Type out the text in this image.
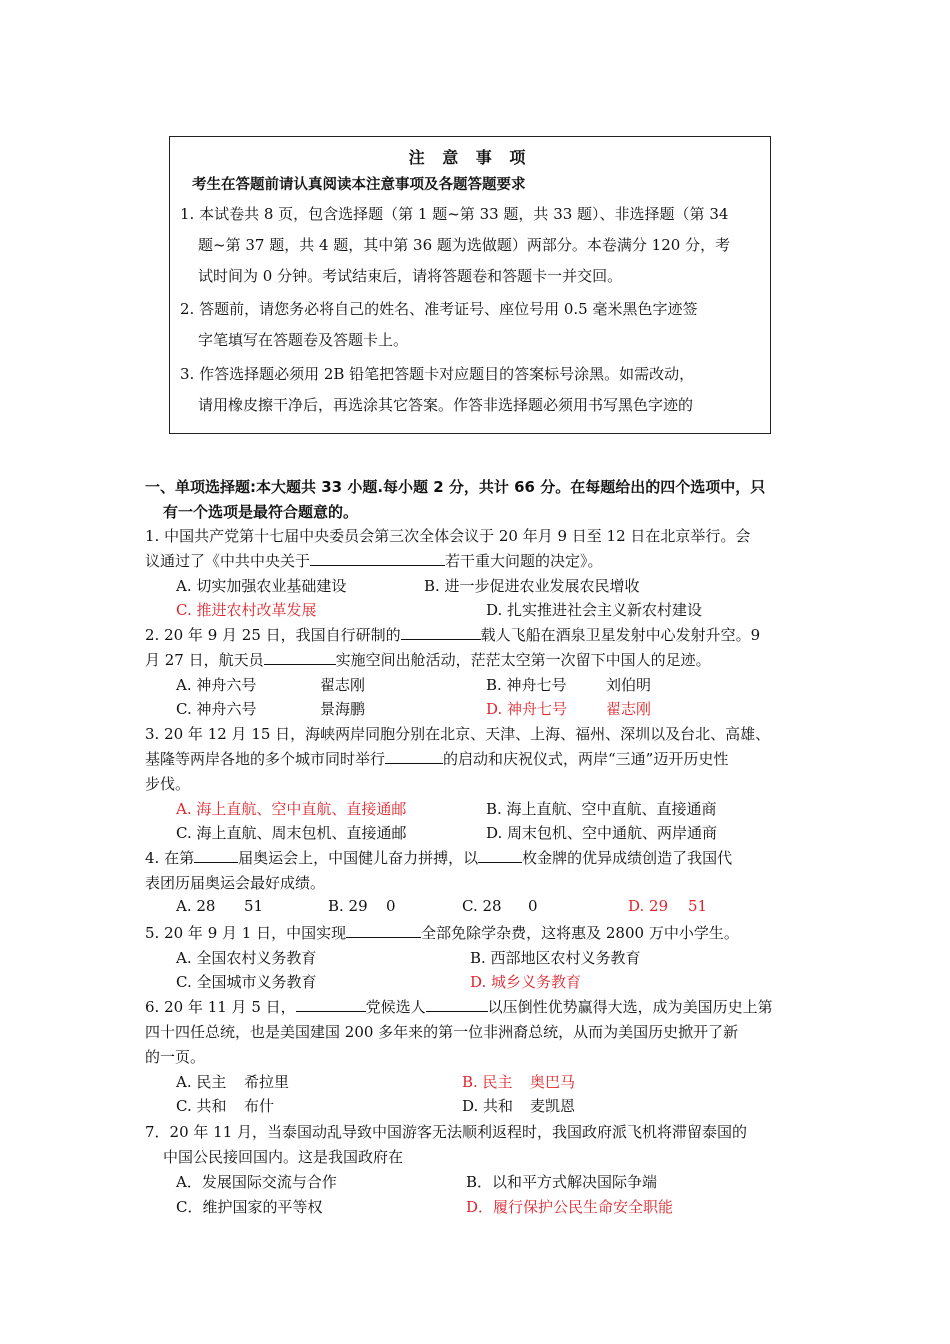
注 意 事 项
考生在答题前请认真阅读本注意事项及各题答题要求
1. 本试卷共 8 页，包含选择题（第 1 题~第 33 题，共 33 题）、非选择题（第 34
题~第 37 题，共 4 题，其中第 36 题为选做题）两部分。本卷满分 120 分，考
试时间为 0 分钟。考试结束后，请将答题卷和答题卡一并交回。
2. 答题前，请您务必将自己的姓名、准考证号、座位号用 0.5 毫米黑色字迹签
字笔填写在答题卷及答题卡上。
3. 作答选择题必须用 2B 铅笔把答题卡对应题目的答案标号涂黑。如需改动，
请用橡皮擦干净后，再选涂其它答案。作答非选择题必须用书写黑色字迹的
一、单项选择题:本大题共 33 小题.每小题 2 分，共计 66 分。在每题给出的四个选项中，只
有一个选项是最符合题意的。
1. 中国共产党第十七届中央委员会第三次全体会议于 20 年月 9 日至 12 日在北京举行。会
议通过了《中共中央关于	若干重大问题的决定》。
A. 切实加强农业基础建设	B. 进一步促进农业发展农民增收
C. 推进农村改革发展	D. 扎实推进社会主义新农村建设
2. 20 年 9 月 25 日，我国自行研制的	载人飞船在酒泉卫星发射中心发射升空。9
月 27 日，航天员	实施空间出舱活动，茫茫太空第一次留下中国人的足迹。
A. 神舟六号	翟志刚	B. 神舟七号	刘伯明
C. 神舟六号	景海鹏	D. 神舟七号	翟志刚
3. 20 年 12 月 15 日，海峡两岸同胞分别在北京、天津、上海、福州、深圳以及台北、高雄、
基隆等两岸各地的多个城市同时举行	的启动和庆祝仪式，两岸“三通”迈开历史性
步伐。
A. 海上直航、空中直航、直接通邮	B. 海上直航、空中直航、直接通商
C. 海上直航、周末包机、直接通邮	D. 周末包机、空中通航、两岸通商
4. 在第	届奥运会上，中国健儿奋力拼搏，以	枚金牌的优异成绩创造了我国代
表团历届奥运会最好成绩。
A. 28 51	B. 29 0	C. 28 0	D. 29 51
5. 20 年 9 月 1 日，中国实现	全部免除学杂费，这将惠及 2800 万中小学生。
A. 全国农村义务教育	B. 西部地区农村义务教育
C. 全国城市义务教育	D. 城乡义务教育
6. 20 年 11 月 5 日，	党候选人	以压倒性优势赢得大选，成为美国历史上第
四十四任总统，也是美国建国 200 多年来的第一位非洲裔总统，从而为美国历史掀开了新
的一页。
A. 民主 希拉里	B. 民主 奥巴马
C. 共和 布什	D. 共和 麦凯恩
7．20 年 11 月，当泰国动乱导致中国游客无法顺利返程时，我国政府派飞机将滞留泰国的
中国公民接回国内。这是我国政府在
A．发展国际交流与合作	B．以和平方式解决国际争端
C．维护国家的平等权	D．履行保护公民生命安全职能
